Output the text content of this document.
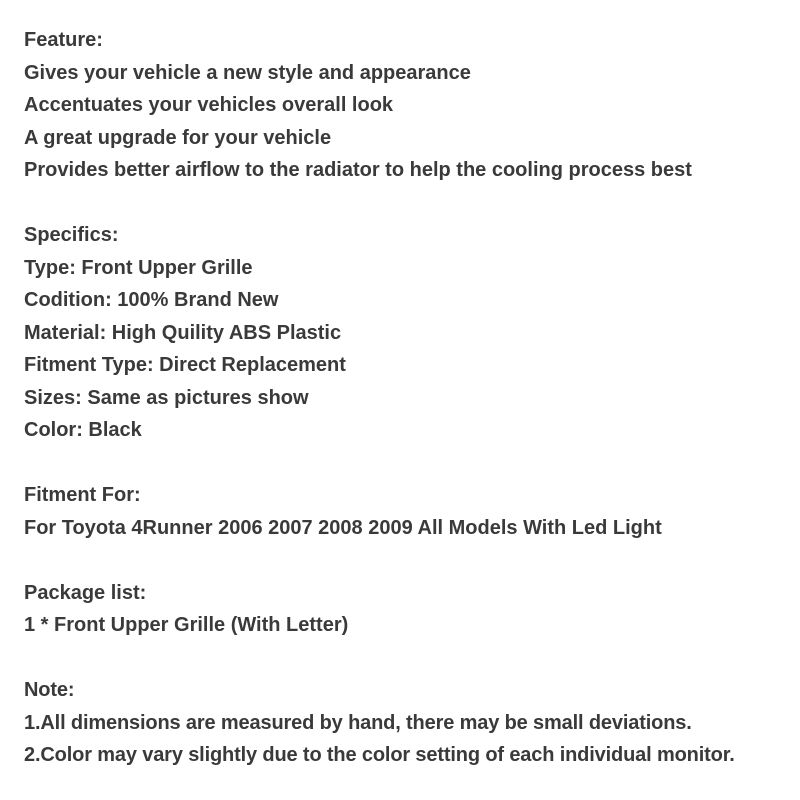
Feature:
Gives your vehicle a new style and appearance
Accentuates your vehicles overall look
A great upgrade for your vehicle
Provides better airflow to the radiator to help the cooling process best
Specifics:
Type: Front Upper Grille
Codition: 100% Brand New
Material: High Quility ABS Plastic
Fitment Type: Direct Replacement
Sizes: Same as pictures show
Color: Black
Fitment For:
For Toyota 4Runner 2006 2007 2008 2009 All Models With Led Light
Package list:
1 * Front Upper Grille (With Letter)
Note:
1.All dimensions are measured by hand, there may be small deviations.
2.Color may vary slightly due to the color setting of each individual monitor.
